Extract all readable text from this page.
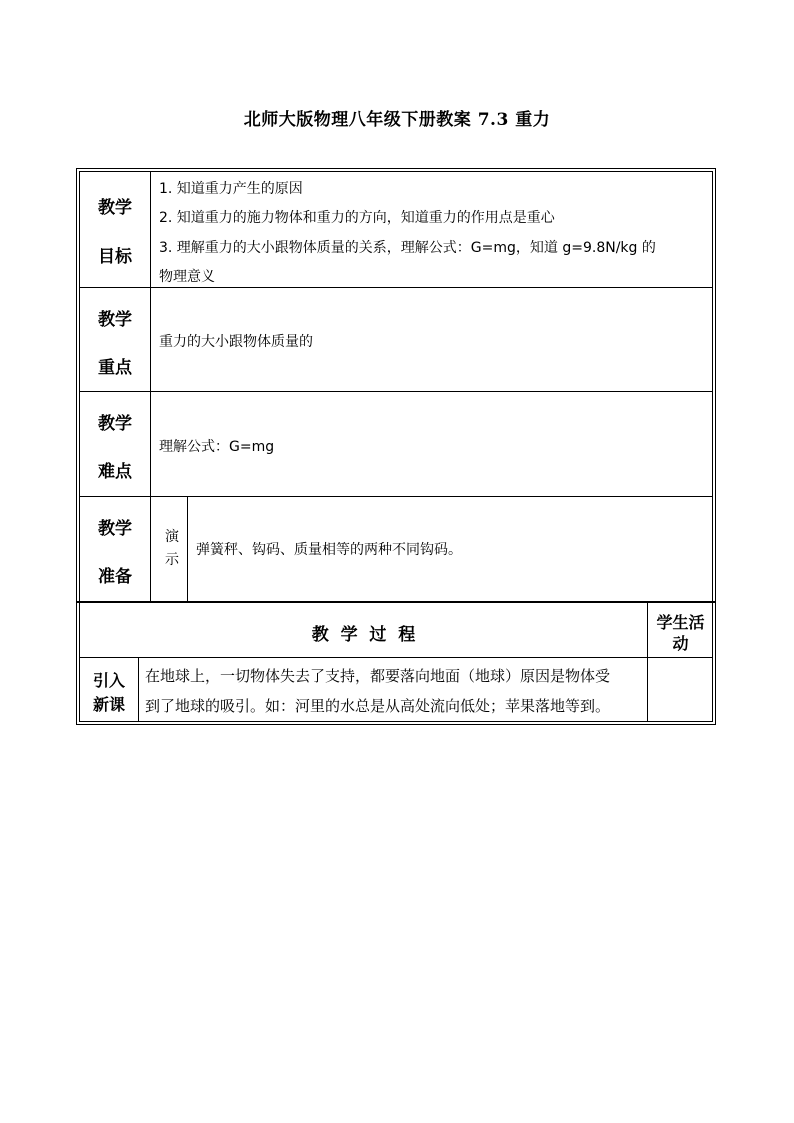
北师大版物理八年级下册教案 7.3 重力
教学
目标
1. 知道重力产生的原因
2. 知道重力的施力物体和重力的方向，知道重力的作用点是重心
3. 理解重力的大小跟物体质量的关系，理解公式：G=mg，知道 g=9.8N/kg 的
物理意义
教学
重点
重力的大小跟物体质量的
教学
难点
理解公式：G=mg
教学
准备
演
示
弹簧秤、钩码、质量相等的两种不同钩码。
教  学  过  程
学生活
动
引入
新课
在地球上，一切物体失去了支持，都要落向地面（地球）原因是物体受
到了地球的吸引。如：河里的水总是从高处流向低处；苹果落地等到。
